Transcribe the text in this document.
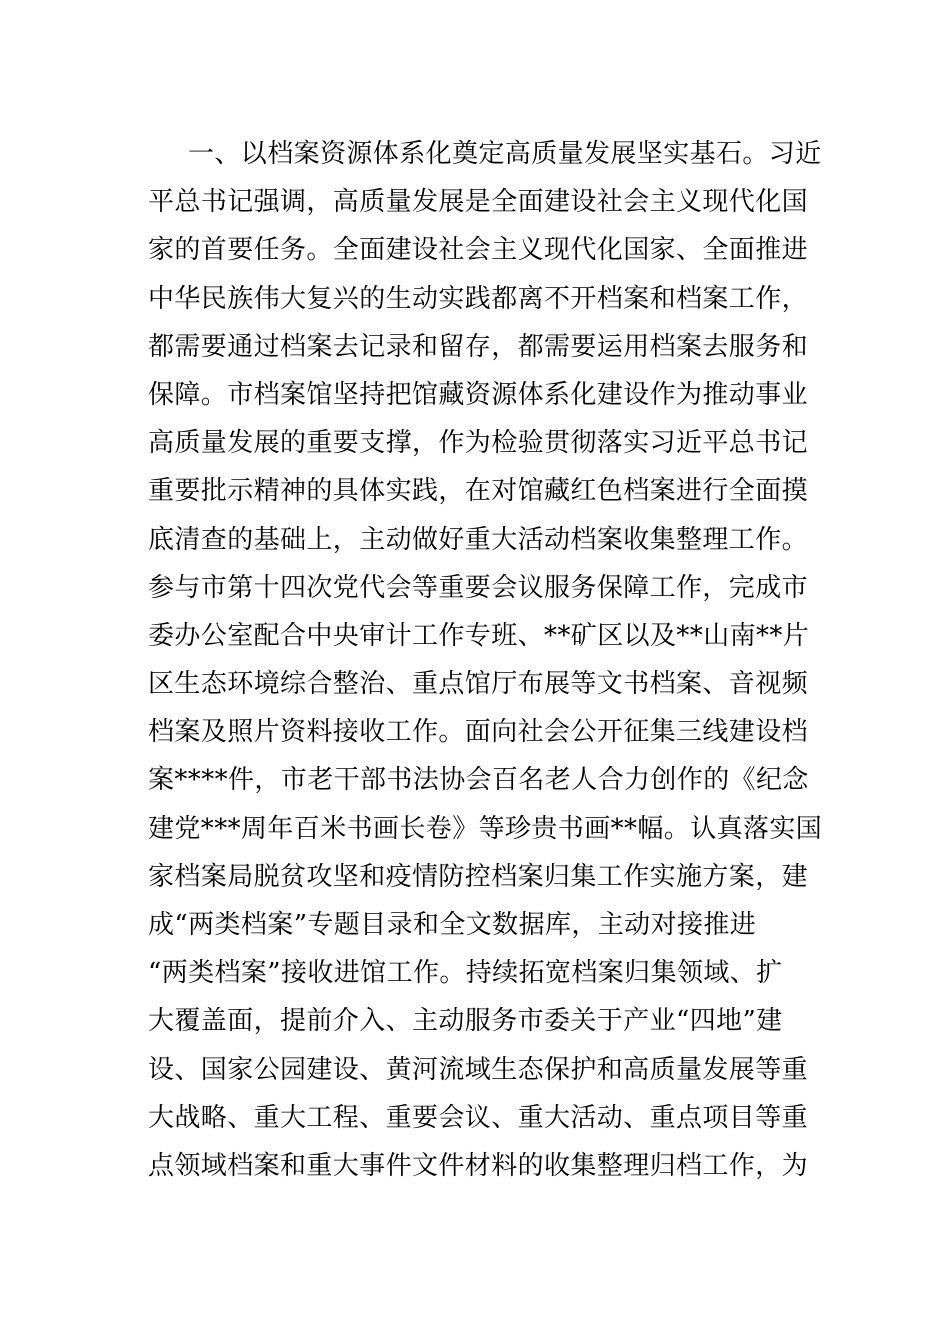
一、以档案资源体系化奠定高质量发展坚实基石。习近
平总书记强调，高质量发展是全面建设社会主义现代化国
家的首要任务。全面建设社会主义现代化国家、全面推进
中华民族伟大复兴的生动实践都离不开档案和档案工作，
都需要通过档案去记录和留存，都需要运用档案去服务和
保障。市档案馆坚持把馆藏资源体系化建设作为推动事业
高质量发展的重要支撑，作为检验贯彻落实习近平总书记
重要批示精神的具体实践，在对馆藏红色档案进行全面摸
底清查的基础上，主动做好重大活动档案收集整理工作。
参与市第十四次党代会等重要会议服务保障工作，完成市
委办公室配合中央审计工作专班、**矿区以及**山南**片
区生态环境综合整治、重点馆厅布展等文书档案、音视频
档案及照片资料接收工作。面向社会公开征集三线建设档
案****件，市老干部书法协会百名老人合力创作的《纪念
建党***周年百米书画长卷》等珍贵书画**幅。认真落实国
家档案局脱贫攻坚和疫情防控档案归集工作实施方案，建
成“两类档案”专题目录和全文数据库，主动对接推进
“两类档案”接收进馆工作。持续拓宽档案归集领域、扩
大覆盖面，提前介入、主动服务市委关于产业“四地”建
设、国家公园建设、黄河流域生态保护和高质量发展等重
大战略、重大工程、重要会议、重大活动、重点项目等重
点领域档案和重大事件文件材料的收集整理归档工作，为
